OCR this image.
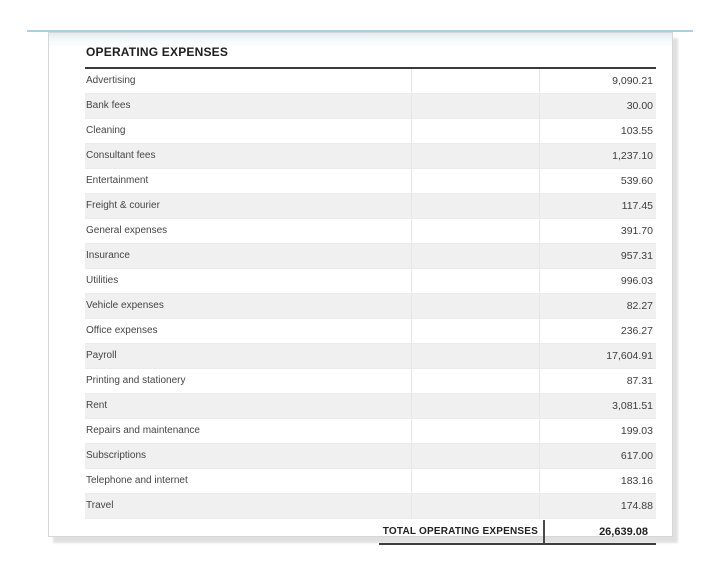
OPERATING EXPENSES
Advertising	9,090.21
Bank fees	30.00
Cleaning	103.55
Consultant fees	1,237.10
Entertainment	539.60
Freight & courier	117.45
General expenses	391.70
Insurance	957.31
Utilities	996.03
Vehicle expenses	82.27
Office expenses	236.27
Payroll	17,604.91
Printing and stationery	87.31
Rent	3,081.51
Repairs and maintenance	199.03
Subscriptions	617.00
Telephone and internet	183.16
Travel	174.88
TOTAL OPERATING EXPENSES	26,639.08
